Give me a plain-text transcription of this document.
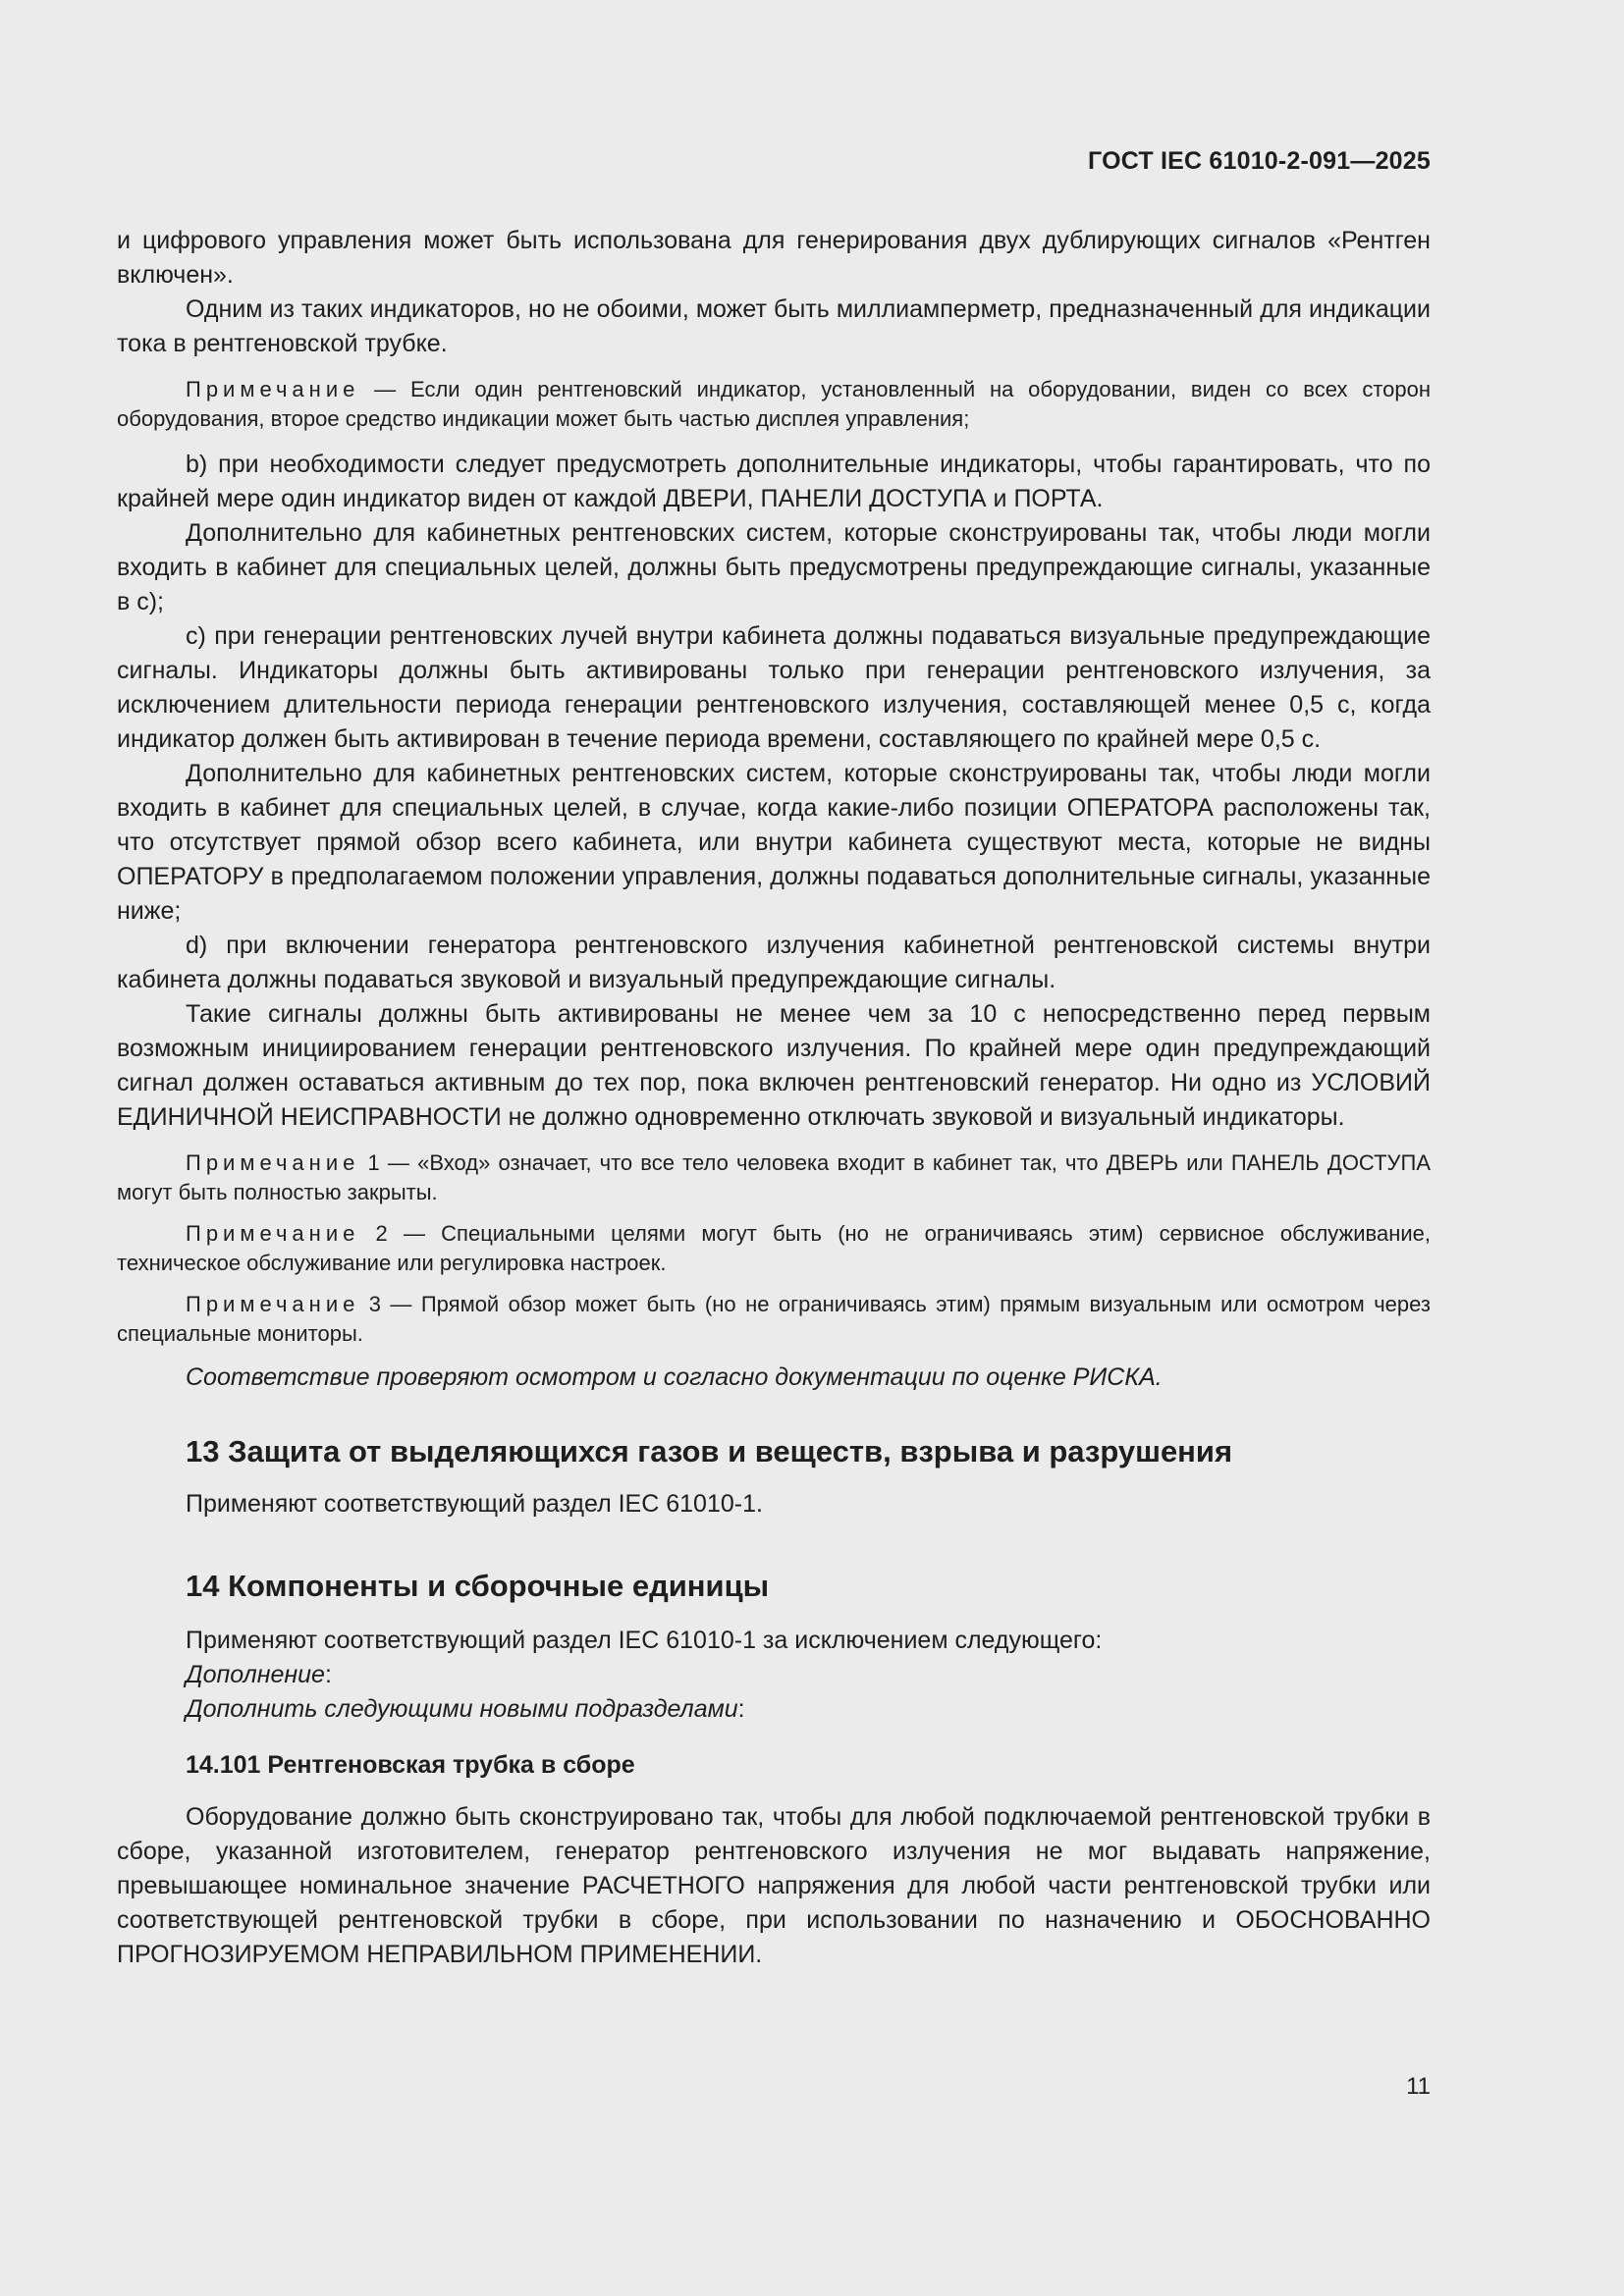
ГОСТ IEC 61010-2-091—2025

и цифрового управления может быть использована для генерирования двух дублирующих сигналов «Рентген включен».

Одним из таких индикаторов, но не обоими, может быть миллиамперметр, предназначенный для индикации тока в рентгеновской трубке.

Примечание — Если один рентгеновский индикатор, установленный на оборудовании, виден со всех сторон оборудования, второе средство индикации может быть частью дисплея управления;

b) при необходимости следует предусмотреть дополнительные индикаторы, чтобы гарантировать, что по крайней мере один индикатор виден от каждой ДВЕРИ, ПАНЕЛИ ДОСТУПА и ПОРТА.

Дополнительно для кабинетных рентгеновских систем, которые сконструированы так, чтобы люди могли входить в кабинет для специальных целей, должны быть предусмотрены предупреждающие сигналы, указанные в с);

c) при генерации рентгеновских лучей внутри кабинета должны подаваться визуальные предупреждающие сигналы. Индикаторы должны быть активированы только при генерации рентгеновского излучения, за исключением длительности периода генерации рентгеновского излучения, составляющей менее 0,5 с, когда индикатор должен быть активирован в течение периода времени, составляющего по крайней мере 0,5 с.

Дополнительно для кабинетных рентгеновских систем, которые сконструированы так, чтобы люди могли входить в кабинет для специальных целей, в случае, когда какие-либо позиции ОПЕРАТОРА расположены так, что отсутствует прямой обзор всего кабинета, или внутри кабинета существуют места, которые не видны ОПЕРАТОРУ в предполагаемом положении управления, должны подаваться дополнительные сигналы, указанные ниже;

d) при включении генератора рентгеновского излучения кабинетной рентгеновской системы внутри кабинета должны подаваться звуковой и визуальный предупреждающие сигналы.

Такие сигналы должны быть активированы не менее чем за 10 с непосредственно перед первым возможным инициированием генерации рентгеновского излучения. По крайней мере один предупреждающий сигнал должен оставаться активным до тех пор, пока включен рентгеновский генератор. Ни одно из УСЛОВИЙ ЕДИНИЧНОЙ НЕИСПРАВНОСТИ не должно одновременно отключать звуковой и визуальный индикаторы.

Примечание 1 — «Вход» означает, что все тело человека входит в кабинет так, что ДВЕРЬ или ПАНЕЛЬ ДОСТУПА могут быть полностью закрыты.

Примечание 2 — Специальными целями могут быть (но не ограничиваясь этим) сервисное обслуживание, техническое обслуживание или регулировка настроек.

Примечание 3 — Прямой обзор может быть (но не ограничиваясь этим) прямым визуальным или осмотром через специальные мониторы.

Соответствие проверяют осмотром и согласно документации по оценке РИСКА.

13 Защита от выделяющихся газов и веществ, взрыва и разрушения

Применяют соответствующий раздел IEC 61010-1.

14 Компоненты и сборочные единицы

Применяют соответствующий раздел IEC 61010-1 за исключением следующего:

Дополнение:

Дополнить следующими новыми подразделами:

14.101 Рентгеновская трубка в сборе

Оборудование должно быть сконструировано так, чтобы для любой подключаемой рентгеновской трубки в сборе, указанной изготовителем, генератор рентгеновского излучения не мог выдавать напряжение, превышающее номинальное значение РАСЧЕТНОГО напряжения для любой части рентгеновской трубки или соответствующей рентгеновской трубки в сборе, при использовании по назначению и ОБОСНОВАННО ПРОГНОЗИРУЕМОМ НЕПРАВИЛЬНОМ ПРИМЕНЕНИИ.

11
